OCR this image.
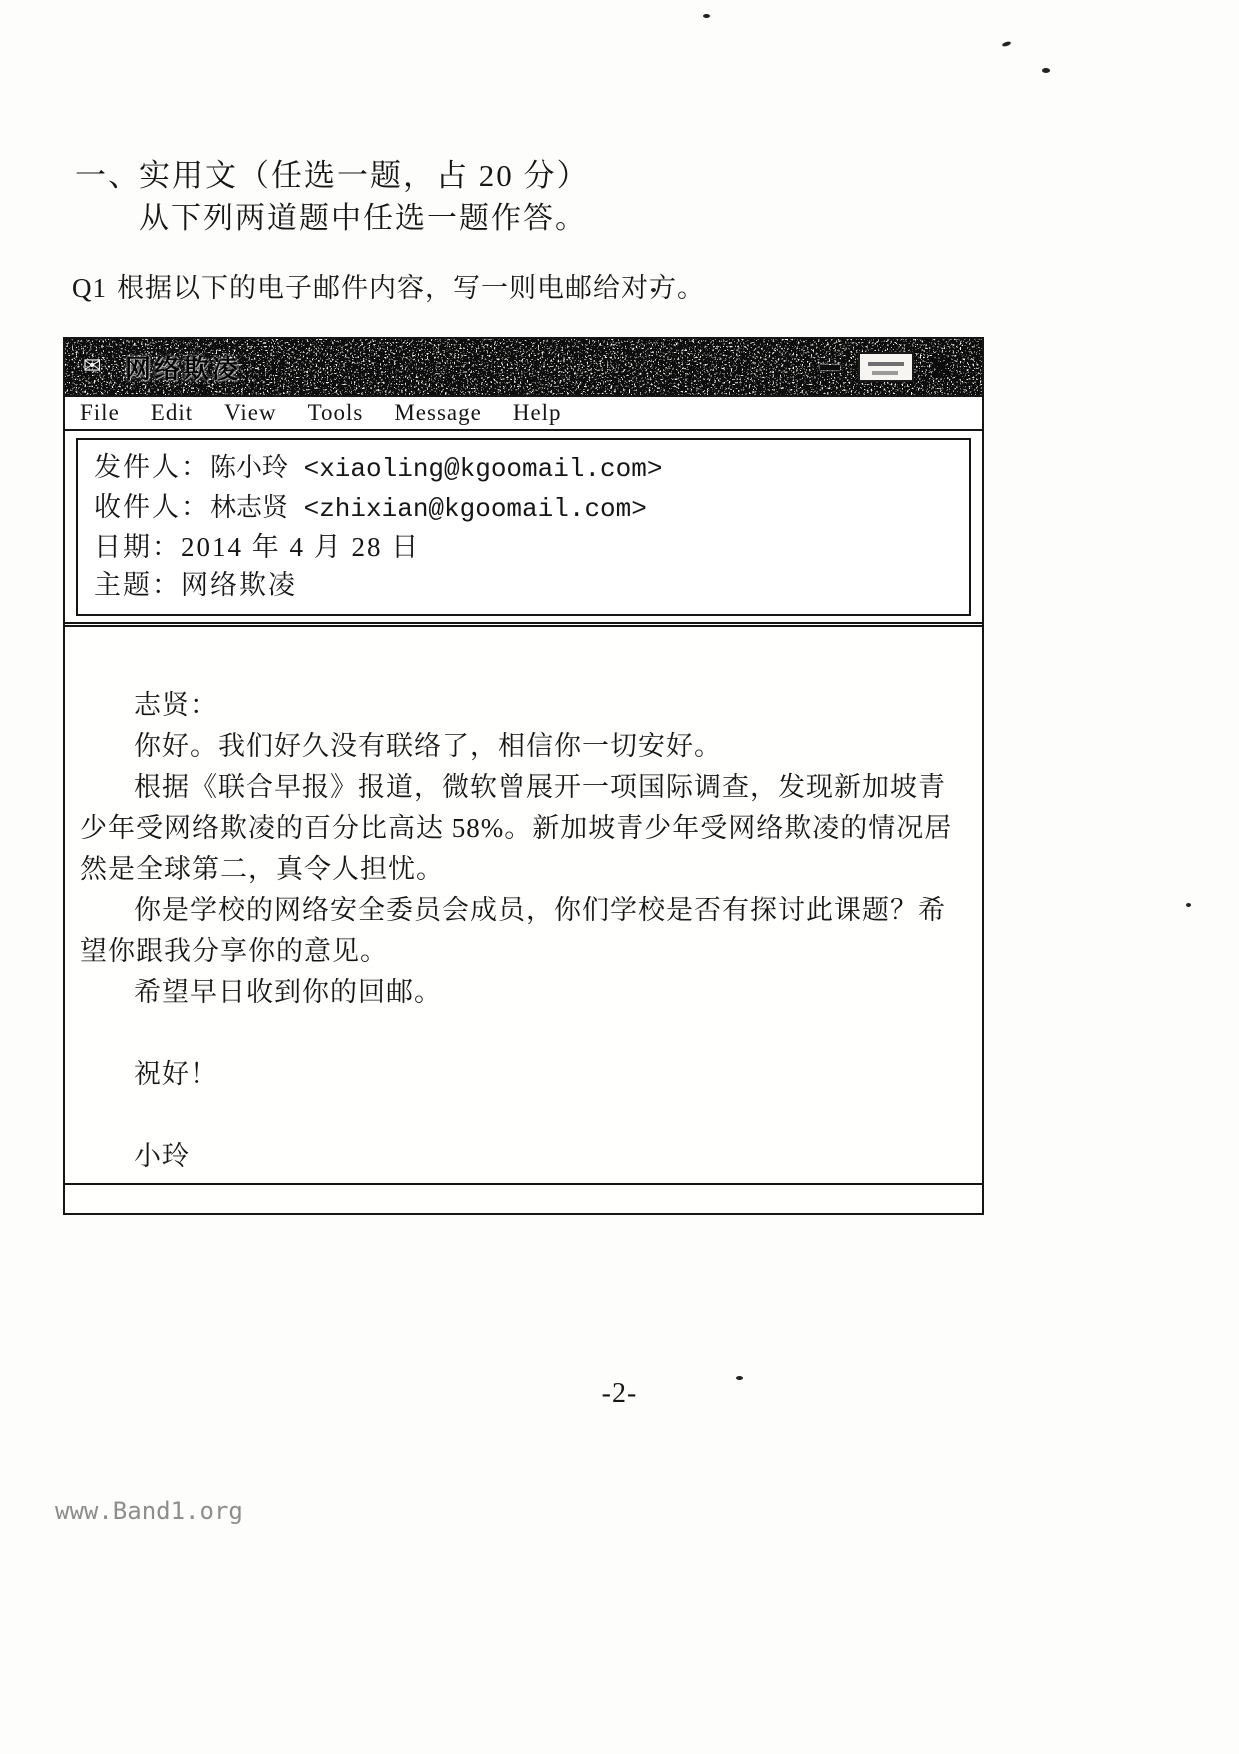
一、实用文（任选一题，占 20 分）
从下列两道题中任选一题作答。
Q1 根据以下的电子邮件内容，写一则电邮给对方。
✉ 网络欺凌
File Edit View Tools Message Help
发件人：陈小玲 <xiaoling@kgoomail.com>
收件人：林志贤 <zhixian@kgoomail.com>
日期：2014 年 4 月 28 日
主题：网络欺凌

志贤：

你好。我们好久没有联络了，相信你一切安好。

根据《联合早报》报道，微软曾展开一项国际调查，发现新加坡青少年受网络欺凌的百分比高达 58%。新加坡青少年受网络欺凌的情况居然是全球第二，真令人担忧。

你是学校的网络安全委员会成员，你们学校是否有探讨此课题？希望你跟我分享你的意见。

希望早日收到你的回邮。

祝好！

小玲

-2-
www.Band1.org
